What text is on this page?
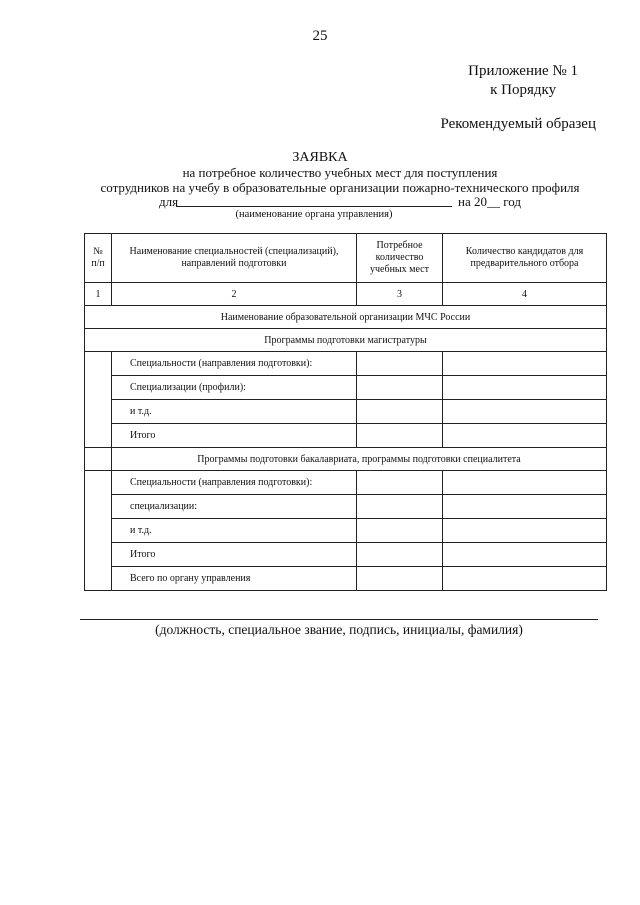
25
Приложение № 1
к Порядку
Рекомендуемый образец
ЗАЯВКА
на потребное количество учебных мест для поступления
сотрудников на учебу в образовательные организации пожарно-технического профиля
для	на 20__ год
(наименование органа управления)
№ п/п	Наименование специальностей (специализаций), направлений подготовки	Потребное количество учебных мест	Количество кандидатов для предварительного отбора
1	2	3	4
Наименование образовательной организации МЧС России			
Программы подготовки магистратуры			
	Специальности (направления подготовки):		
	Специализации (профили):		
	и т.д.		
	Итого		
	Программы подготовки бакалавриата, программы подготовки специалитета		
	Специальности (направления подготовки):		
	специализации:		
	и т.д.		
	Итого		
	Всего по органу управления		
(должность, специальное звание, подпись, инициалы, фамилия)
